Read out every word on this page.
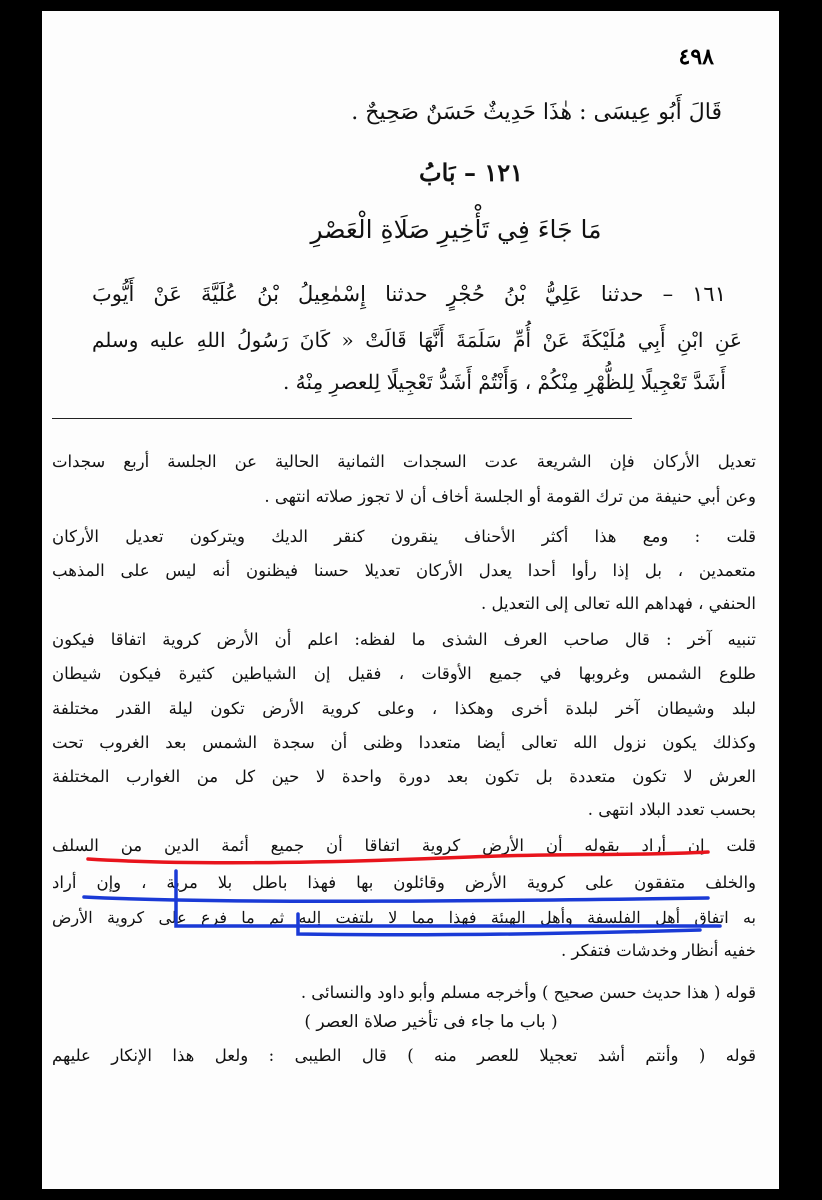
٤٩٨
قَالَ أَبُو عِيسَى : هٰذَا حَدِيثٌ حَسَنٌ صَحِيحٌ .
١٢١ – بَابُ
مَا جَاءَ فِي تَأْخِيرِ صَلَاةِ الْعَصْرِ
١٦١ – حدثنا عَلِيُّ بْنُ حُجْرٍ حدثنا إِسْمٰعِيلُ بْنُ عُلَيَّةَ عَنْ أَيُّوبَ
عَنِ ابْنِ أَبِي مُلَيْكَةَ عَنْ أُمِّ سَلَمَةَ أَنَّهَا قَالَتْ « كَانَ رَسُولُ اللهِ عليه وسلم
أَشَدَّ تَعْجِيلًا لِلظُّهْرِ مِنْكُمْ ، وَأَنْتُمْ أَشَدُّ تَعْجِيلًا لِلعصرِ مِنْهُ .
تعديل الأركان فإن الشريعة عدت السجدات الثمانية الحالية عن الجلسة أربع سجدات
وعن أبي حنيفة من ترك القومة أو الجلسة أخاف أن لا تجوز صلاته انتهى .
قلت : ومع هذا أكثر الأحناف ينقرون كنقر الديك ويتركون تعديل الأركان
متعمدين ، بل إذا رأوا أحدا يعدل الأركان تعديلا حسنا فيظنون أنه ليس على المذهب
الحنفي ، فهداهم الله تعالى إلى التعديل .
تنبيه آخر : قال صاحب العرف الشذى ما لفظه: اعلم أن الأرض كروية اتفاقا فيكون
طلوع الشمس وغروبها في جميع الأوقات ، فقيل إن الشياطين كثيرة فيكون شيطان
لبلد وشيطان آخر لبلدة أخرى وهكذا ، وعلى كروية الأرض تكون ليلة القدر مختلفة
وكذلك يكون نزول الله تعالى أيضا متعددا وظنى أن سجدة الشمس بعد الغروب تحت
العرش لا تكون متعددة بل تكون بعد دورة واحدة لا حين كل من الغوارب المختلفة
بحسب تعدد البلاد انتهى .
قلت إن أراد بقوله أن الأرض كروية اتفاقا أن جميع أئمة الدين من السلف
والخلف متفقون على كروية الأرض وقائلون بها فهذا باطل بلا مرية ، وإن أراد
به اتفاق أهل الفلسفة وأهل الهيئة فهذا مما لا يلتفت إليه ثم ما فرع على كروية الأرض
خفيه أنظار وخدشات فتفكر .
قوله ( هذا حديث حسن صحيح ) وأخرجه مسلم وأبو داود والنسائى .
( باب ما جاء فى تأخير صلاة العصر )
قوله ( وأنتم أشد تعجيلا للعصر منه ) قال الطيبى : ولعل هذا الإنكار عليهم
